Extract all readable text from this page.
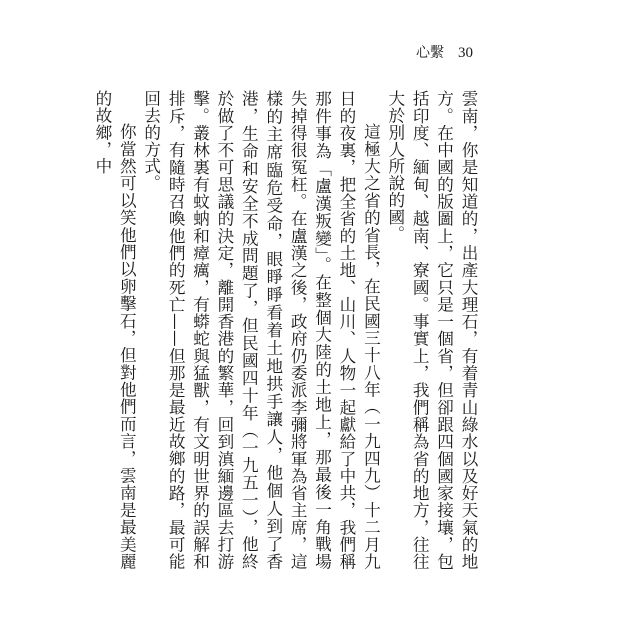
心繫 30

雲南，你是知道的，出產大理石，有着青山綠水以及好天氣的地方。在中國的版圖上，它只是一個省，但卻跟四個國家接壤，包括印度、緬甸、越南、寮國。事實上，我們稱為省的地方，往往大於別人所說的國。

這極大之省的省長，在民國三十八年（一九四九）十二月九日的夜裏，把全省的土地、山川、人物一起獻給了中共，我們稱那件事為「盧漢叛變」。在整個大陸的土地上，那最後一角戰場失掉得很冤枉。在盧漢之後，政府仍委派李彌將軍為省主席，這樣的主席臨危受命，眼睜睜看着土地拱手讓人，他個人到了香港，生命和安全不成問題了，但民國四十年（一九五一），他終於做了不可思議的決定，離開香港的繁華，回到滇緬邊區去打游擊。叢林裏有蚊蚋和瘴癘，有蟒蛇與猛獸，有文明世界的誤解和排斥，有隨時召喚他們的死亡——但那是最近故鄉的路，最可能回去的方式。

你當然可以笑他們以卵擊石，但對他們而言，雲南是最美麗的故鄉，中
